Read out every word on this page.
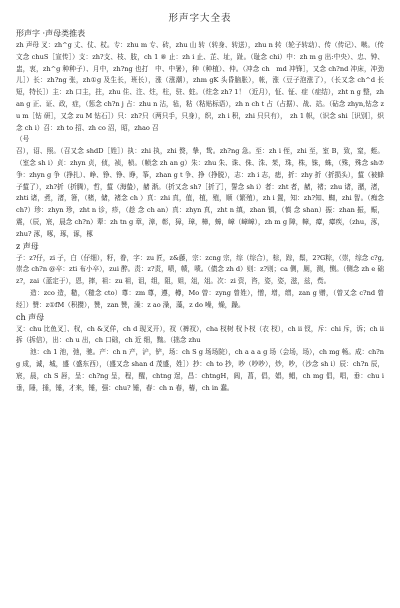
形声字大全表
形声字 ·声母类推表

zh 声母 叉：zh^g 丈、仗、杖。专：zhu m 专、砖，zhu 山 转（转身、转送），zhu n 转（轮子转动）、传（传记）、啭。（传文念 chuS［宣传］）支：zh?支、枝、肢，ch 1 ⑧ 止：zh i 止、芷、址，趾。（耻念 chi）中：zh m g 出:中央）、忠、钟、盅，衷，zh^g 种种子）、月中，zh?ng 也打　中、中暑），种（种植）、仲。（冲念 ch　md 冲锋］，又念 ch?nd 冲床，冲劲儿］）长：zh?ng 张，zh①g 及生长，班长），涨（涨潮），zhm gK 头昏脑胀），帐，涨（豆子泡涨了），（长又念 ch^d 长 短，特长］）主：zh 口主，拄，zhu 住、注、炷，柱，驻、蛀。（炷念 zh? 1！（近月），怔、钲、症（症结），zht n g 整，zhan g 正、证、政，症，（惩念 ch?n j 占：zhu n 沾，毡，粘（粘贴标语），zh n ch t 占（占据）、战、站。（砧念 zhyn,钻念 zu m［钻 研］，又念 zu M 钻石］）只：zh?只（两只手，只身），织，zh i 积，zhi 只只有），　zh 1 帜，（识念 shi［识别］，炽念 ch i）召：zh to 招、zh co 沼，昭，zhao 召

（号

召），诏、照。（召又念 shdD［姓］）执：zhi 执，zhi 赘，挚，鸷。zh?ng 急。至：zh i 侄，zhi 至，室 B，致，窒，蛭。（室念 sh i）贞：zhyn 贞，侦，祯，桢。（帧念 zh an g）朱：zhu 朱、诛、侏、洙、茱，珠，株，铢，蛛，（殊，殊念 sh⑦ 争：zhyn g 争（挣扎）、峥、铮、铮、睁，筝，zhan g t 争、挣（挣脱），志：zh i 志，痣，折：zhy 折（折损头），蜇（被蜂子蜇了），zh?折（折腾），哲，蜇（海蛰），赭 渐。（折又念 sh?［折了］，誓念 sh i）者：zht 者，赭，褚；zhu 诸，潴，渚，zhti 诸，煮，渚，箸，（楮，储，褚念 ch ）真：zhi 真，值，植，殖，顺（繁殖），zh i 置，知：zh?知、蜘，zhi 智。（痴念 ch?）珍：zhyn 珍，zht n 诊，疹，（趁 念 ch an）真：zhyn 真，zht n 缜，zhan 镇，（慎 念 shan）振：zhan 振，赈，震，（辰，宸，晨念 ch?n）辈：zh tn g 章，漳，彰，獐，璋，樟，蟑，嶂（嶂嶂），zh m g 障，幛，瘴，瘴疾，（zhu，涿，zhu? 涿，啄，琢，诼，椓

z 声母

子：z?仔，zi 子，白（仔细），籽，眷，字：zu 匠，z&藤，宗：zcng 宗，综（综合），棕，踪，鬃，2?G粽，（崇，综念 c?g,崇念 ch?n @卒：zti 布小卒），zui 醉。责：z?责，啧，帻，啧。（债念 zh d）则：z?则；ca 侧，厕，测，恻。（侧念 zh e 础z?，zai（蓝定于），恩，摔，祖：zu 祖，诅，组，阻，姐，俎，俎。次：zi 资，咨，姿，姿，滋，兹，赀。

造：zco 造，糙，（糙念 cto）尊：zm 尊，遵，樽，Mo 曾：zyng 曾姓），憎，增，缯，zan g 赠，（曾又念 c?nd 曾经］）赞：z①fM（积攒），赞，zan 赞，澡：z ao 澡，藻，z do 噪，燥，躁。

ch 声母

叉：chu 比鱼叉］、杈，ch &叉佯，ch d 现叉开），衩（裤衩），cha 杈树 杈卜杈（衣 杈），ch ii 钗，斥：chi 斥，诉；ch ii 拆（拆信），出：ch u 出，ch 口础，ch 近 细，黜。（拙念 zhu

池：ch 1 池，弛，驰。产：ch n 产，浐，铲，场：ch S g 场场院），ch a a a g 场（会场，场），ch mg 畅。成：ch?ng 成，诚，城，盛（盛东西），（盛又念 shan d 茂盛，姓］）抄：ch to 抄，吵（吵吵），炒，吵，（沙念 sh i）辰：ch?n 辰，宸，晨，ch S 唇，呈：ch?ng 呈，程，醒，chtng 逞，昌：chtngH，阊，菖，倡，娼，鲳，ch mg 倡，唱，垂：chu i 垂，陲，捶，锤，才来，锤，强：chu? 锤，春：ch n 春，椿，ch in 蠢。
